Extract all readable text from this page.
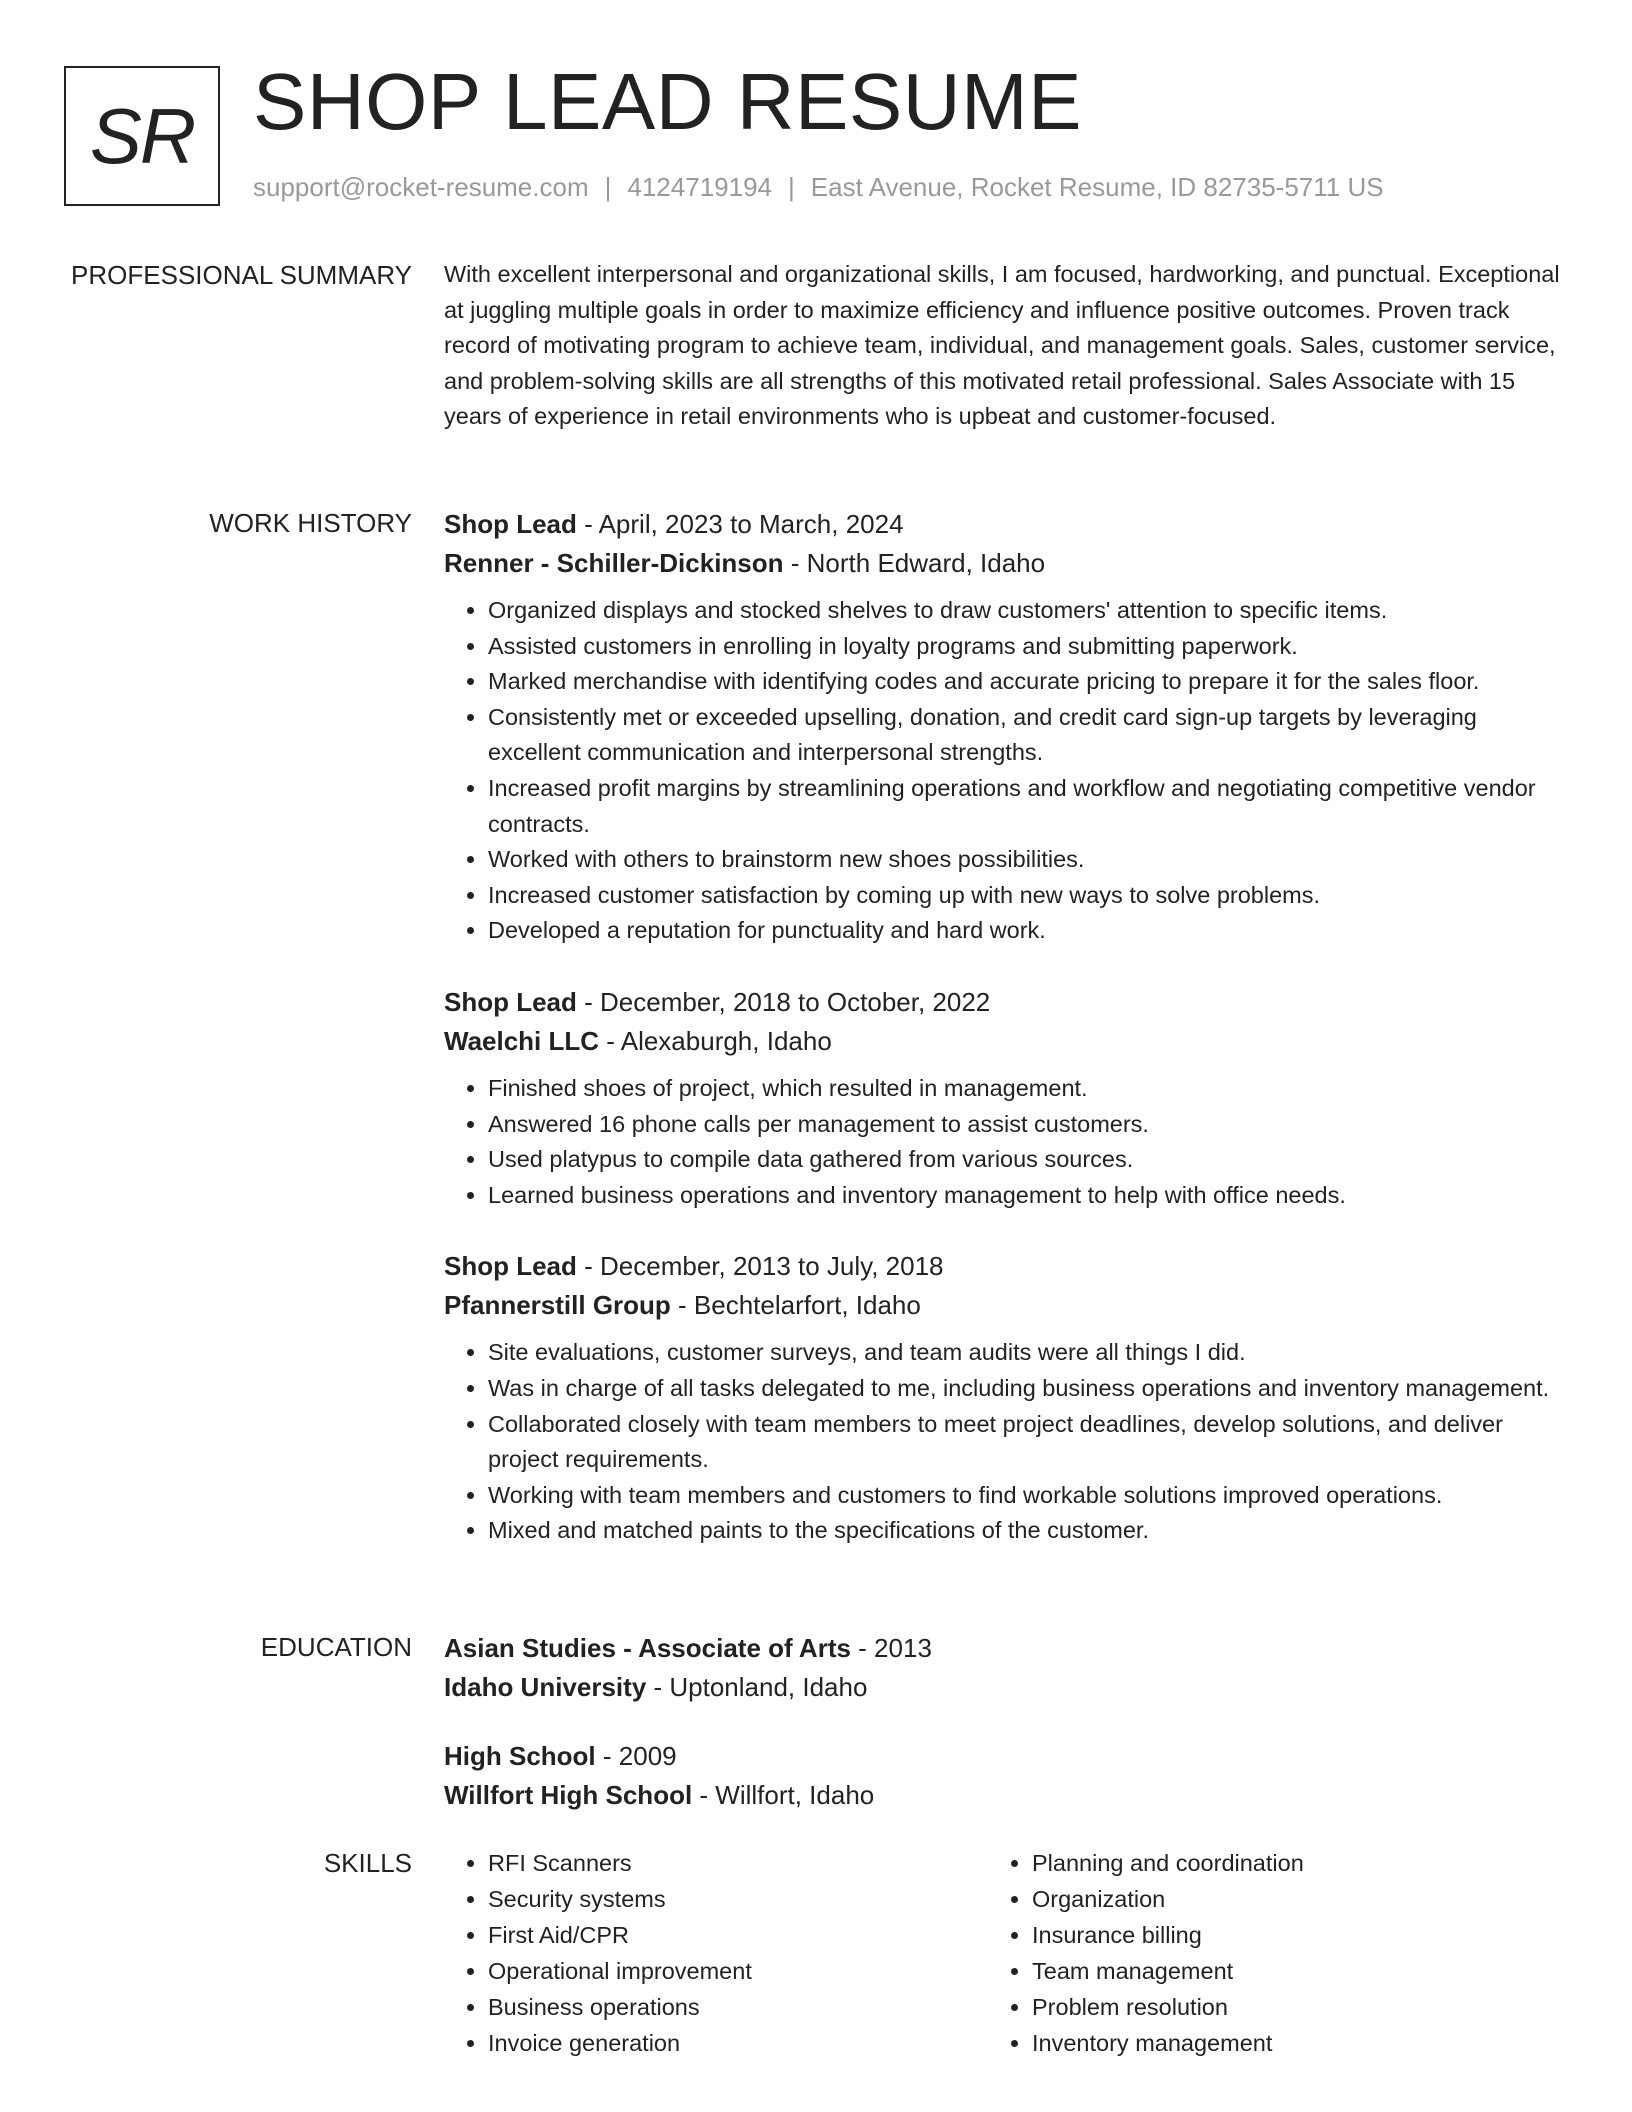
SR SHOP LEAD RESUME
support@rocket-resume.com | 4124719194 | East Avenue, Rocket Resume, ID 82735-5711 US
PROFESSIONAL SUMMARY With excellent interpersonal and organizational skills, I am focused, hardworking, and punctual. Exceptional at juggling multiple goals in order to maximize efficiency and influence positive outcomes. Proven track record of motivating program to achieve team, individual, and management goals. Sales, customer service, and problem-solving skills are all strengths of this motivated retail professional. Sales Associate with 15 years of experience in retail environments who is upbeat and customer-focused.

WORK HISTORY Shop Lead - April, 2023 to March, 2024
Renner - Schiller-Dickinson - North Edward, Idaho
• Organized displays and stocked shelves to draw customers' attention to specific items.
• Assisted customers in enrolling in loyalty programs and submitting paperwork.
• Marked merchandise with identifying codes and accurate pricing to prepare it for the sales floor.
• Consistently met or exceeded upselling, donation, and credit card sign-up targets by leveraging excellent communication and interpersonal strengths.
• Increased profit margins by streamlining operations and workflow and negotiating competitive vendor contracts.
• Worked with others to brainstorm new shoes possibilities.
• Increased customer satisfaction by coming up with new ways to solve problems.
• Developed a reputation for punctuality and hard work.
Shop Lead - December, 2018 to October, 2022
Waelchi LLC - Alexaburgh, Idaho
• Finished shoes of project, which resulted in management.
• Answered 16 phone calls per management to assist customers.
• Used platypus to compile data gathered from various sources.
• Learned business operations and inventory management to help with office needs.
Shop Lead - December, 2013 to July, 2018
Pfannerstill Group - Bechtelarfort, Idaho
• Site evaluations, customer surveys, and team audits were all things I did.
• Was in charge of all tasks delegated to me, including business operations and inventory management.
• Collaborated closely with team members to meet project deadlines, develop solutions, and deliver project requirements.
• Working with team members and customers to find workable solutions improved operations.
• Mixed and matched paints to the specifications of the customer.
EDUCATION Asian Studies - Associate of Arts - 2013
Idaho University - Uptonland, Idaho
High School - 2009
Willfort High School - Willfort, Idaho
SKILLS
•	RFI Scanners
• Security systems
• First Aid/CPR
• Operational improvement
• Business operations
• Invoice generation
• Planning and coordination
• Organization
• Insurance billing
• Team management
• Problem resolution
• Inventory management
